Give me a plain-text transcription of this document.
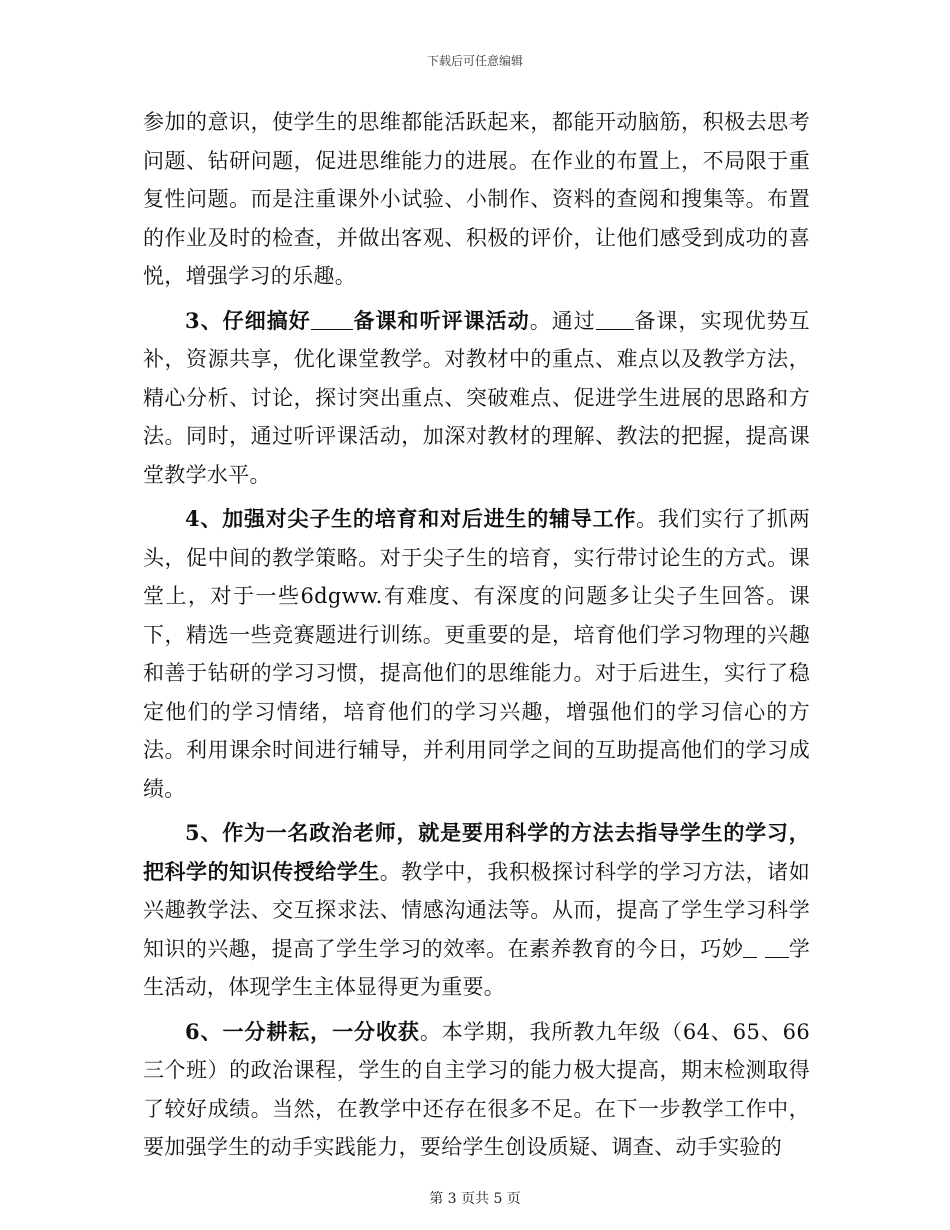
下载后可任意编辑

参加的意识，使学生的思维都能活跃起来，都能开动脑筋，积极去思考问题、钻研问题，促进思维能力的进展。在作业的布置上，不局限于重复性问题。而是注重课外小试验、小制作、资料的查阅和搜集等。布置的作业及时的检查，并做出客观、积极的评价，让他们感受到成功的喜悦，增强学习的乐趣。

3、仔细搞好 备课和听评课活动。通过 备课，实现优势互补，资源共享，优化课堂教学。对教材中的重点、难点以及教学方法，精心分析、讨论，探讨突出重点、突破难点、促进学生进展的思路和方法。同时，通过听评课活动，加深对教材的理解、教法的把握，提高课堂教学水平。

4、加强对尖子生的培育和对后进生的辅导工作。我们实行了抓两头，促中间的教学策略。对于尖子生的培育，实行带讨论生的方式。课堂上，对于一些6dgww.有难度、有深度的问题多让尖子生回答。课下，精选一些竞赛题进行训练。更重要的是，培育他们学习物理的兴趣和善于钻研的学习习惯，提高他们的思维能力。对于后进生，实行了稳定他们的学习情绪，培育他们的学习兴趣，增强他们的学习信心的方法。利用课余时间进行辅导，并利用同学之间的互助提高他们的学习成绩。

5、作为一名政治老师，就是要用科学的方法去指导学生的学习，把科学的知识传授给学生。教学中，我积极探讨科学的学习方法，诸如兴趣教学法、交互探求法、情感沟通法等。从而，提高了学生学习科学知识的兴趣，提高了学生学习的效率。在素养教育的今日，巧妙 学生活动，体现学生主体显得更为重要。

6、一分耕耘，一分收获。本学期，我所教九年级（64、65、66三个班）的政治课程，学生的自主学习的能力极大提高，期末检测取得了较好成绩。当然，在教学中还存在很多不足。在下一步教学工作中，要加强学生的动手实践能力，要给学生创设质疑、调查、动手实验的

第 3 页共 5 页
